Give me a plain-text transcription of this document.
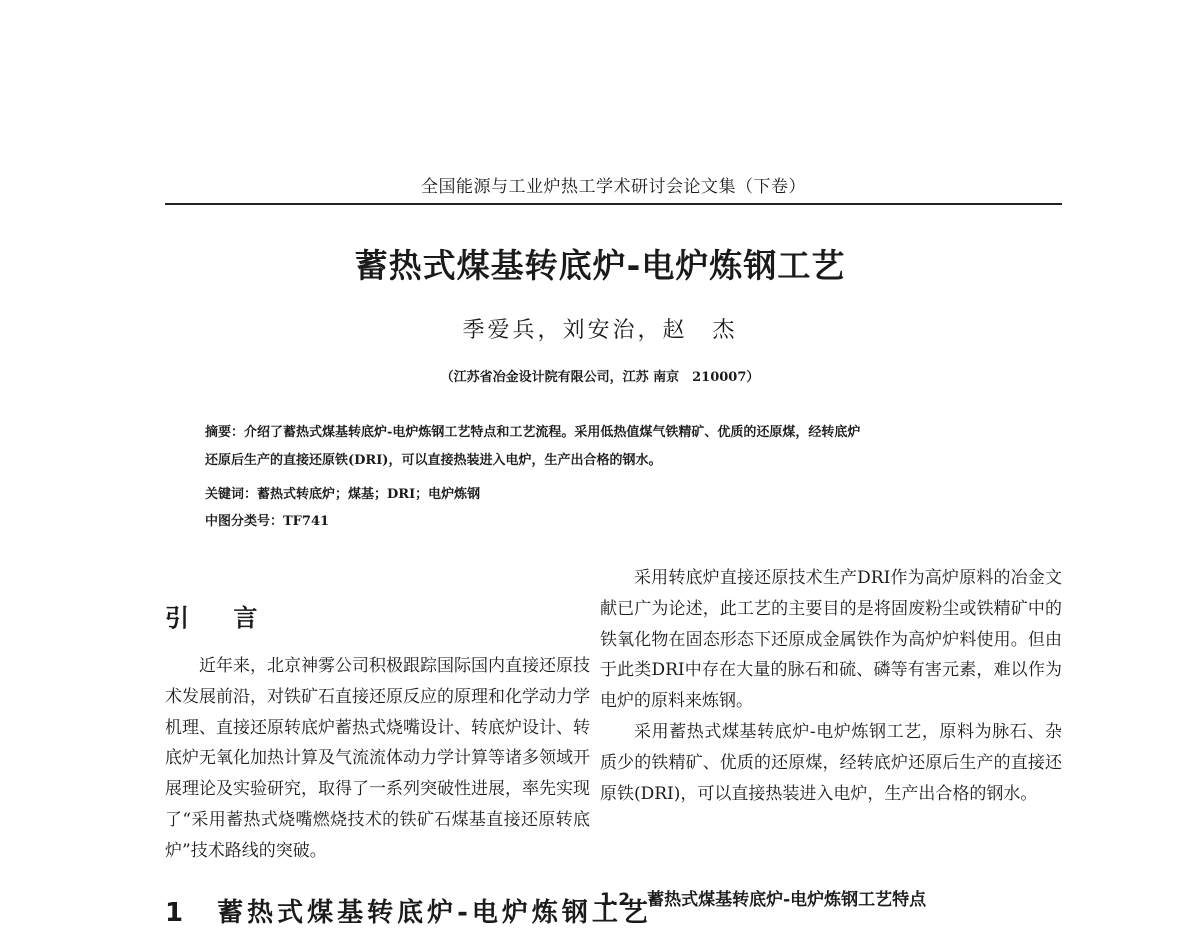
全国能源与工业炉热工学术研讨会论文集（下卷）
蓄热式煤基转底炉-电炉炼钢工艺
季爱兵，刘安治，赵　杰
（江苏省冶金设计院有限公司，江苏 南京　210007）
摘要：介绍了蓄热式煤基转底炉-电炉炼钢工艺特点和工艺流程。采用低热值煤气铁精矿、优质的还原煤，经转底炉
还原后生产的直接还原铁(DRI)，可以直接热装进入电炉，生产出合格的钢水。
关键词：蓄热式转底炉；煤基；DRI；电炉炼钢
中图分类号：TF741
引 言

近年来，北京神雾公司积极跟踪国际国内直接还原技术发展前沿，对铁矿石直接还原反应的原理和化学动力学机理、直接还原转底炉蓄热式烧嘴设计、转底炉设计、转底炉无氧化加热计算及气流流体动力学计算等诸多领域开展理论及实验研究，取得了一系列突破性进展，率先实现了“采用蓄热式烧嘴燃烧技术的铁矿石煤基直接还原转底炉”技术路线的突破。

1　蓄热式煤基转底炉-电炉炼钢工艺

采用转底炉直接还原技术生产DRI作为高炉原料的冶金文献已广为论述，此工艺的主要目的是将固废粉尘或铁精矿中的铁氧化物在固态形态下还原成金属铁作为高炉炉料使用。但由于此类DRI中存在大量的脉石和硫、磷等有害元素，难以作为电炉的原料来炼钢。

采用蓄热式煤基转底炉-电炉炼钢工艺，原料为脉石、杂质少的铁精矿、优质的还原煤，经转底炉还原后生产的直接还原铁(DRI)，可以直接热装进入电炉，生产出合格的钢水。

1.2　蓄热式煤基转底炉-电炉炼钢工艺特点
